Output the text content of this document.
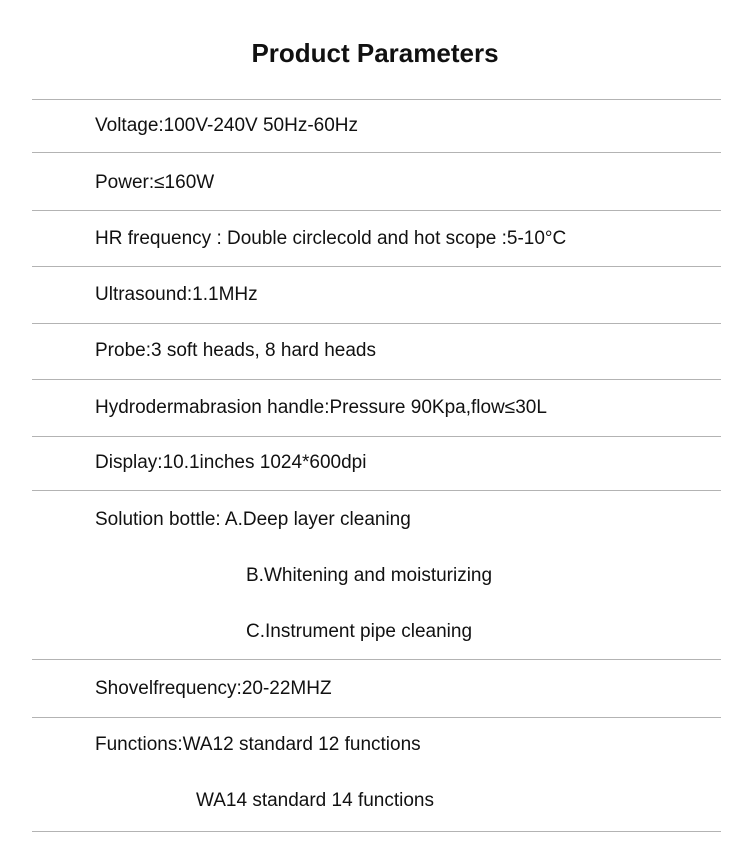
Product Parameters
Voltage:100V-240V 50Hz-60Hz
Power:≤160W
HR frequency : Double circlecold and hot scope :5-10°C
Ultrasound:1.1MHz
Probe:3 soft heads, 8 hard heads
Hydrodermabrasion handle:Pressure 90Kpa,flow≤30L
Display:10.1inches 1024*600dpi
Solution bottle: A.Deep layer cleaning
B.Whitening and moisturizing
C.Instrument pipe cleaning
Shovelfrequency:20-22MHZ
Functions:WA12 standard 12 functions
WA14 standard 14 functions
